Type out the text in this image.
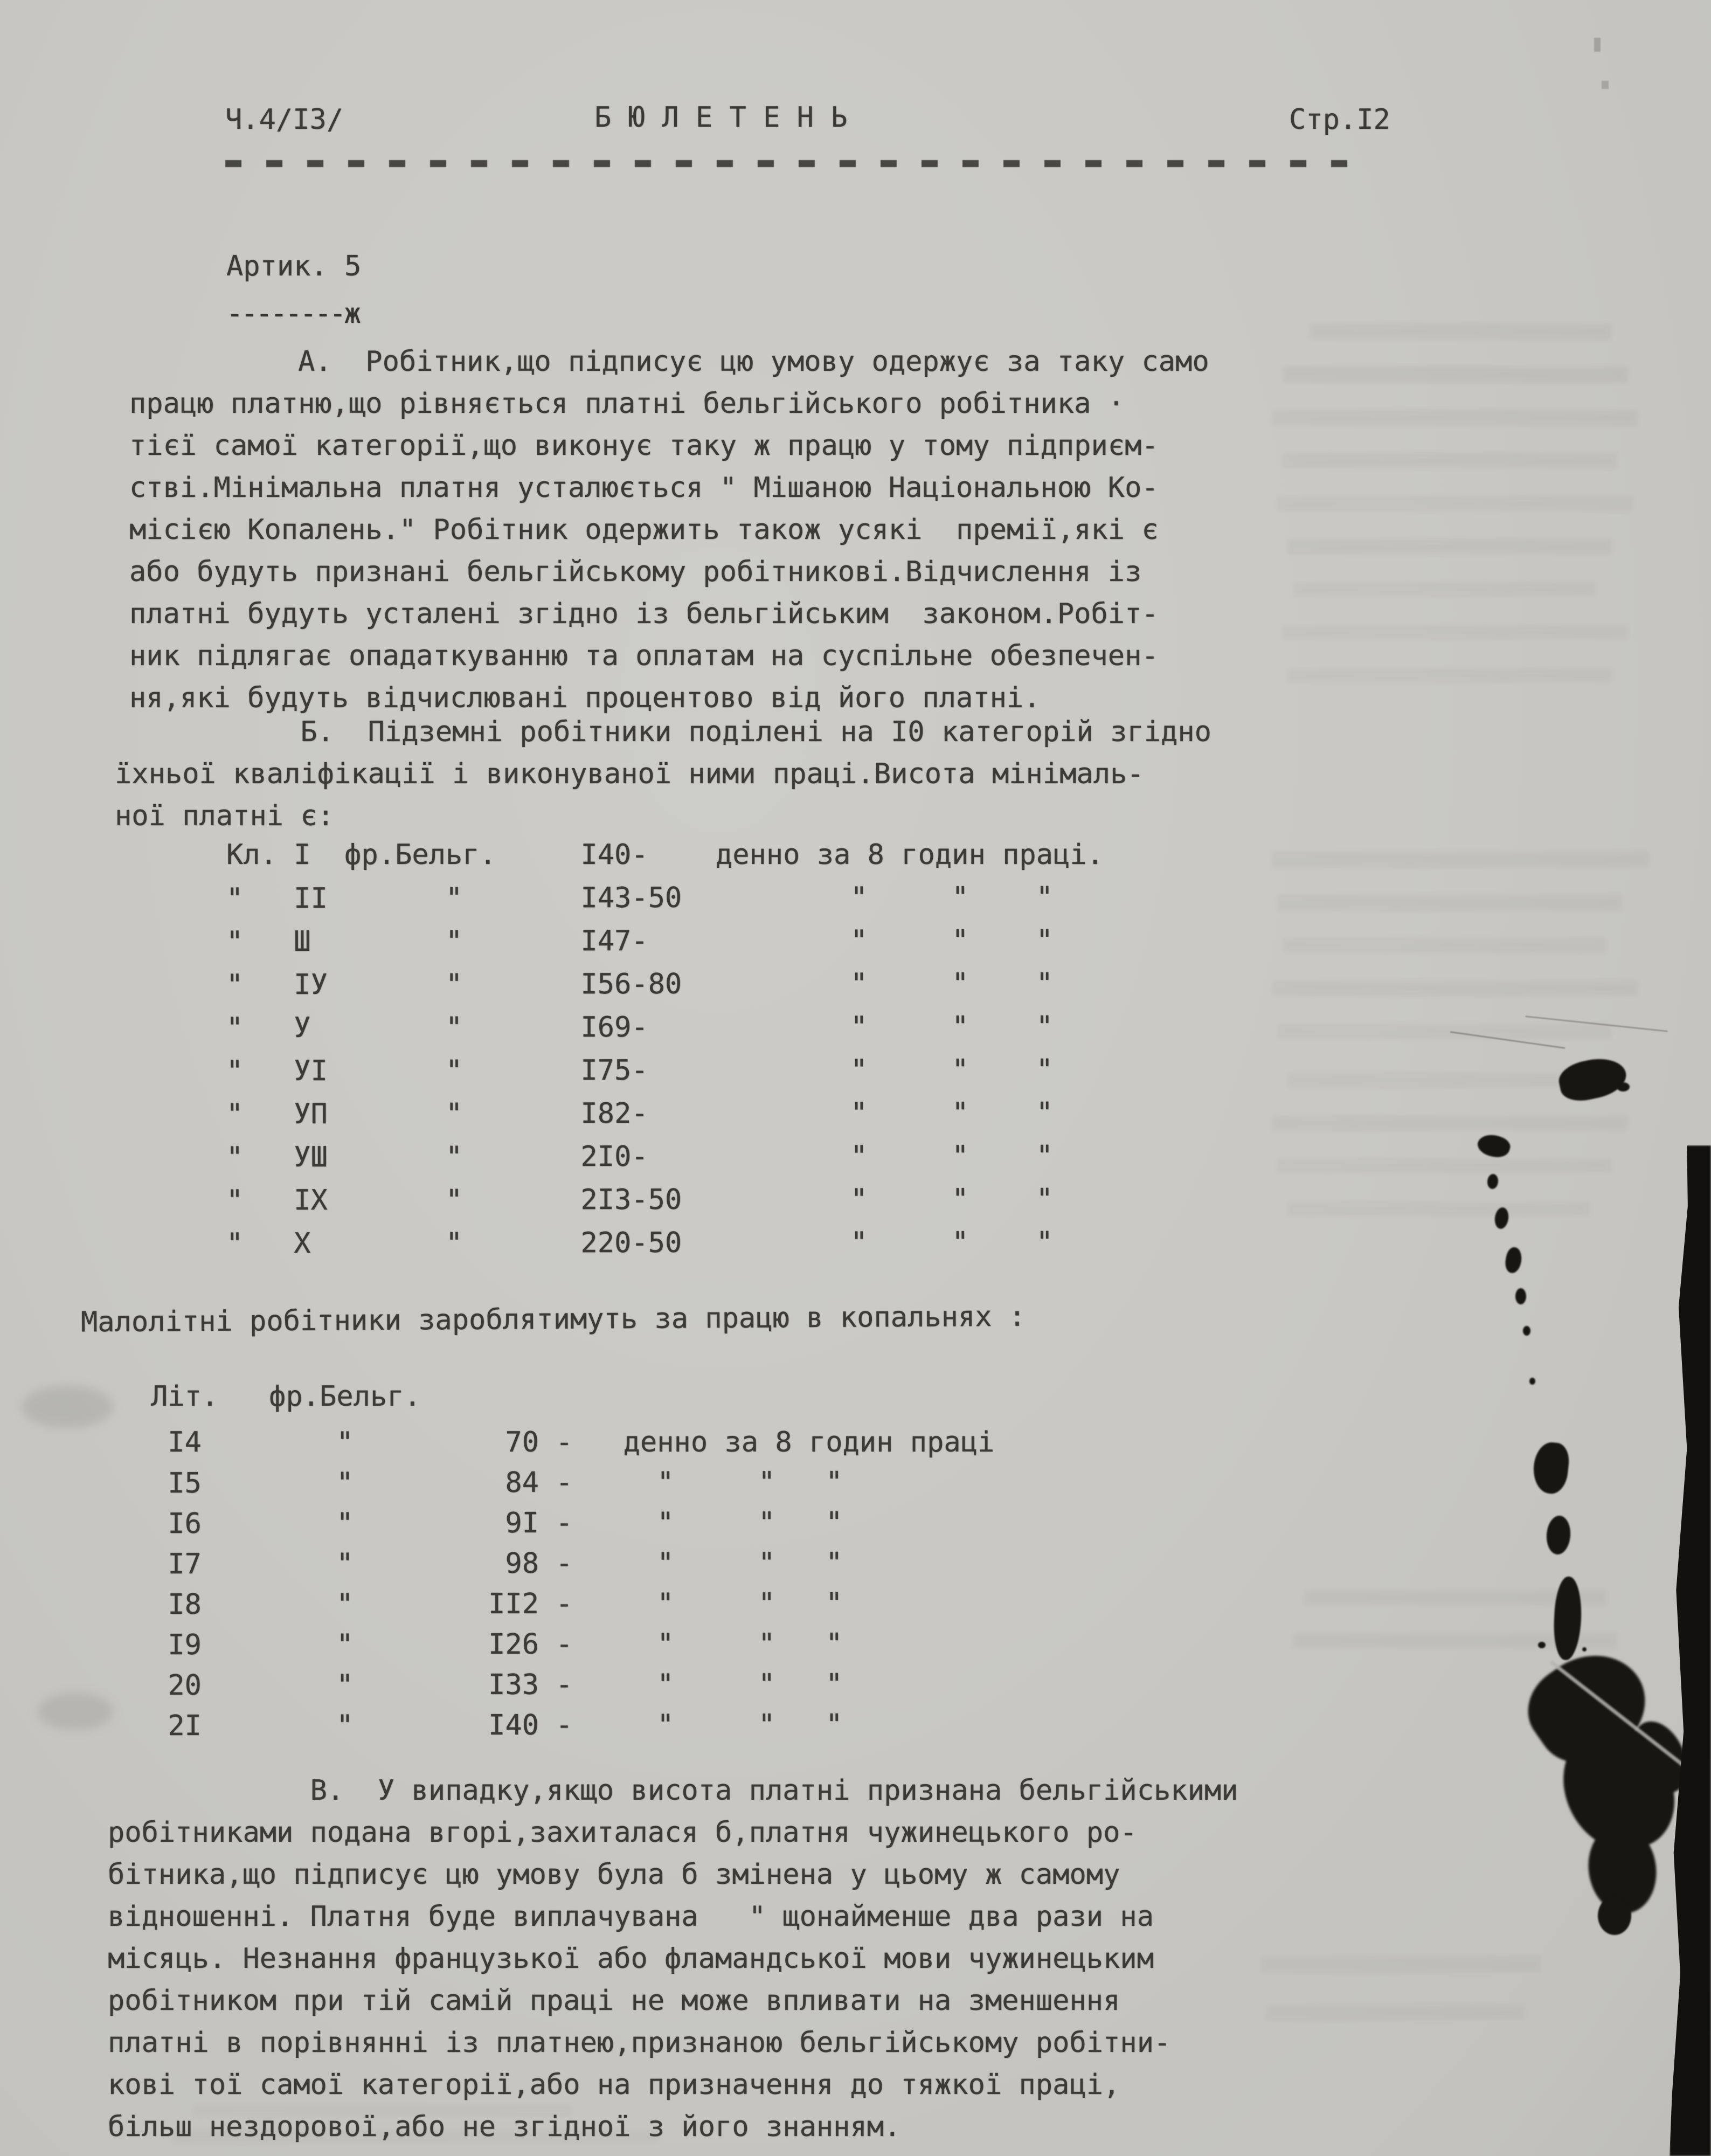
Ч.4/ІЗ/	Б Ю Л Е Т Е Н Ь	Стр.І2
Артик. 5
--------ж
А.  Робітник,що підписує цю умову одержує за таку само
працю платню,що рівняється платні бельгійського робітника ·
тієї самої категорії,що виконує таку ж працю у тому підприєм-
стві.Мінімальна платня усталюється " Мішаною Національною Ко-
місією Копалень." Робітник одержить також усякі  премії,які є
або будуть признані бельгійському робітникові.Відчислення із
платні будуть усталені згідно із бельгійським  законом.Робіт-
ник підлягає опадаткуванню та оплатам на суспільне обезпечен-
ня,які будуть відчислювані процентово від його платні.
Б.  Підземні робітники поділені на І0 категорій згідно
їхньої кваліфікації і виконуваної ними праці.Висота мінімаль-
ної платні є:
Кл. І  фр.Бельг.     І40-    денно за 8 годин праці.
"   II       "       І43-50          "     "    "
"   Ш        "       І47-            "     "    "
"   ІУ       "       І56-80          "     "    "
"   У        "       І69-            "     "    "
"   УІ       "       І75-            "     "    "
"   УП       "       І82-            "     "    "
"   УШ       "       2І0-            "     "    "
"   ІХ       "       2І3-50          "     "    "
"   Х        "       220-50          "     "    "
Малолітні робітники зароблятимуть за працю в копальнях :
Літ.   фр.Бельг.
І4        "         70 -   денно за 8 годин праці
І5        "         84 -     "     "   "
І6        "         9І -     "     "   "
І7        "         98 -     "     "   "
І8        "        ІІ2 -     "     "   "
І9        "        І26 -     "     "   "
20        "        І33 -     "     "   "
2І        "        І40 -     "     "   "
В.  У випадку,якщо висота платні признана бельгійськими
робітниками подана вгорі,захиталася б,платня чужинецького ро-
бітника,що підписує цю умову була б змінена у цьому ж самому
відношенні. Платня буде виплачувана   " щонайменше два рази на
місяць. Незнання французької або фламандської мови чужинецьким
робітником при тій самій праці не може впливати на зменшення
платні в порівнянні із платнею,признаною бельгійському робітни-
кові тої самої категорії,або на призначення до тяжкої праці,
більш нездорової,або не згідної з його знанням.
